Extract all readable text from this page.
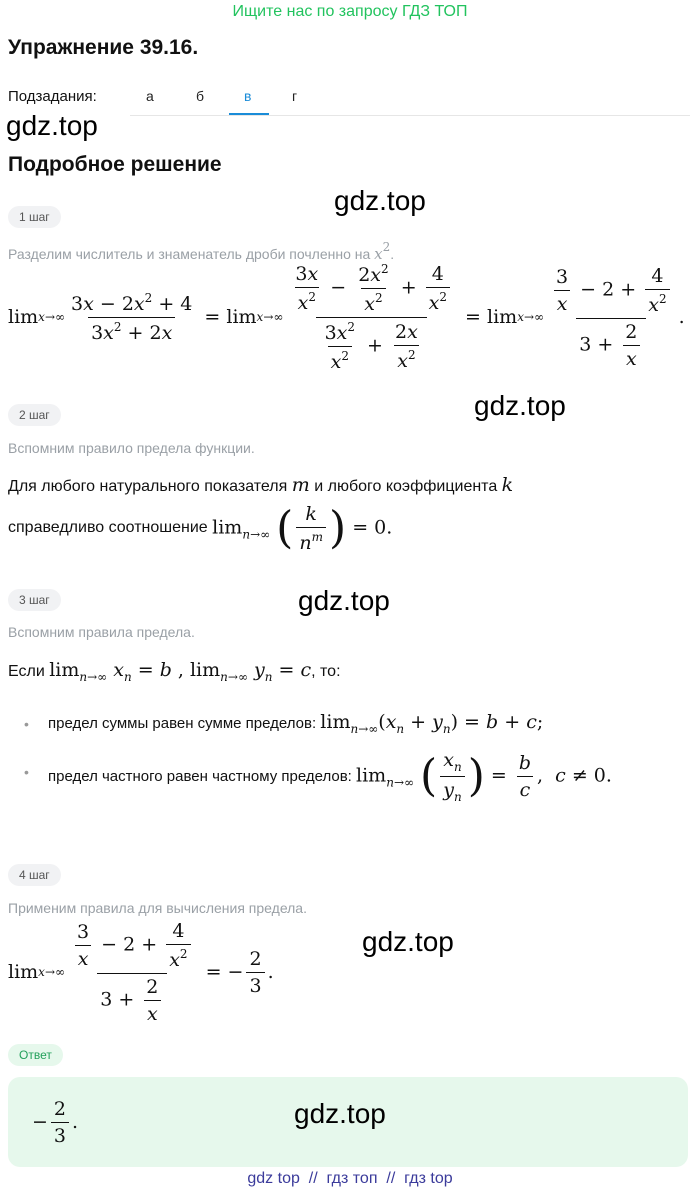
Ищите нас по запросу ГДЗ ТОП
Упражнение 39.16.
Подзадания:	а	б	в	г
gdz.top
Подробное решение
gdz.top
1 шаг
Разделим числитель и знаменатель дроби почленно на $x^2$.
$\lim x\to\infty \frac{3x - 2x^2 + 4}{3x^2 + 2x} = \lim x\to\infty \frac{\frac{3x}{x^2} - \frac{2x^2}{x^2} + \frac{4}{x^2}}{\frac{3x^2}{x^2} + \frac{2x}{x^2}} = \lim x\to\infty \frac{\frac{3}{x} - 2 + \frac{4}{x^2}}{3 + \frac{2}{x}}$ .
gdz.top
2 шаг
Вспомним правило предела функции.
Для любого натурального показателя m и любого коэффициента k
справедливо соотношение
$\lim_{n\to\infty}$ ( $\frac{k}{n^m}$ ) = 0.
gdz.top
3 шаг
Вспомним правила предела.
Если $\lim_{n\to\infty} x_n = b$ , $\lim_{n\to\infty} y_n = c$, то:
• предел суммы равен сумме пределов: $\lim_{n\to\infty}(x_n + y_n) = b + c$;
• предел частного равен частному пределов:
$\lim_{n\to\infty}$ ( $\frac{x_n}{y_n}$ ) = $\frac{b}{c}$ ,  c ≠ 0.
4 шаг
Применим правила для вычисления предела.
$\lim x\to\infty \frac{\frac{3}{x} - 2 + \frac{4}{x^2}}{3 + \frac{2}{x}}$ = − $\frac{2}{3}$ .
gdz.top
Ответ
− $\frac{2}{3}$ .	gdz.top
gdz top  //  гдз топ  //  гдз top
